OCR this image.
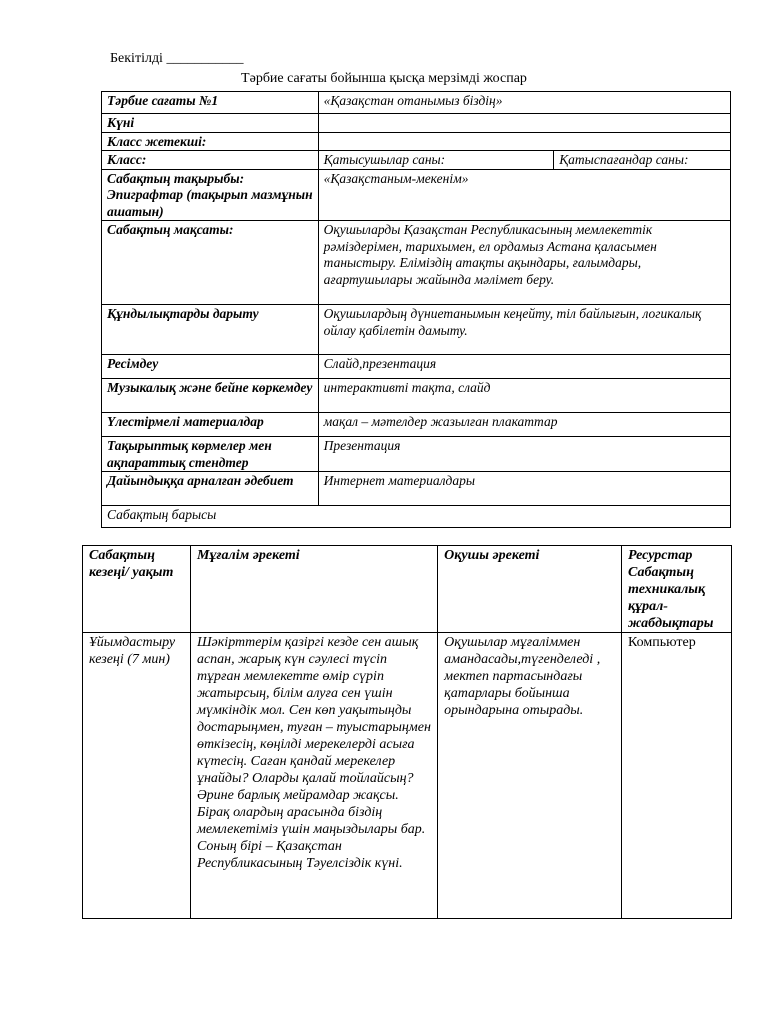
Бекітілді ___________
Тәрбие сағаты бойынша қысқа мерзімді жоспар
Тәрбие сағаты №1	«Қазақстан отанымыз біздің»	
Күні		
Класс жетекші:		
Класс:	Қатысушылар саны:	Қатыспағандар саны:
Сабақтың тақырыбы: Эпиграфтар (тақырып мазмұнын ашатын)	«Қазақстаным-мекенім»	
Сабақтың мақсаты:	Оқушыларды Қазақстан Республикасының мемлекеттік рәміздерімен, тарихымен, ел ордамыз Астана қаласымен таныстыру. Еліміздің атақты ақындары, ғалымдары, ағартушылары жайында мәлімет беру.	
Құндылықтарды дарыту	Оқушылардың дүниетанымын кеңейту, тіл байлығын, логикалық ойлау қабілетін дамыту.	
Ресімдеу	Слайд,презентация	
Музыкалық және бейне көркемдеу	интерактивті тақта, слайд	
Үлестірмелі материалдар	мақал – мәтелдер жазылған плакаттар	
Тақырыптық көрмелер мен ақпараттық стендтер	Презентация	
Дайындыққа арналған әдебиет	Интернет материалдары	
Сабақтың барысы		
Сабақтың кезеңі/ уақыт	Мұғалім әрекеті	Оқушы әрекеті	Ресурстар Сабақтың техникалық құрал-жабдықтары
Ұйымдастыру кезеңі (7 мин)	Шәкірттерім қазіргі кезде сен ашық аспан, жарық күн сәулесі түсіп тұрған мемлекетте өмір сүріп жатырсың, білім алуға сен үшін мүмкіндік мол. Сен көп уақытыңды достарыңмен, туған – туыстарыңмен өткізесің, көңілді мерекелерді асыға күтесің. Саған қандай мерекелер ұнайды? Оларды қалай тойлайсың? Әрине барлық мейрамдар жақсы. Бірақ олардың арасында біздің мемлекетіміз үшін маңыздылары бар. Соның бірі – Қазақстан Республикасының Тәуелсіздік күні.	Оқушылар мұғаліммен амандасады,түгенделеді , мектеп партасындағы қатарлары бойынша орындарына отырады.	Компьютер
